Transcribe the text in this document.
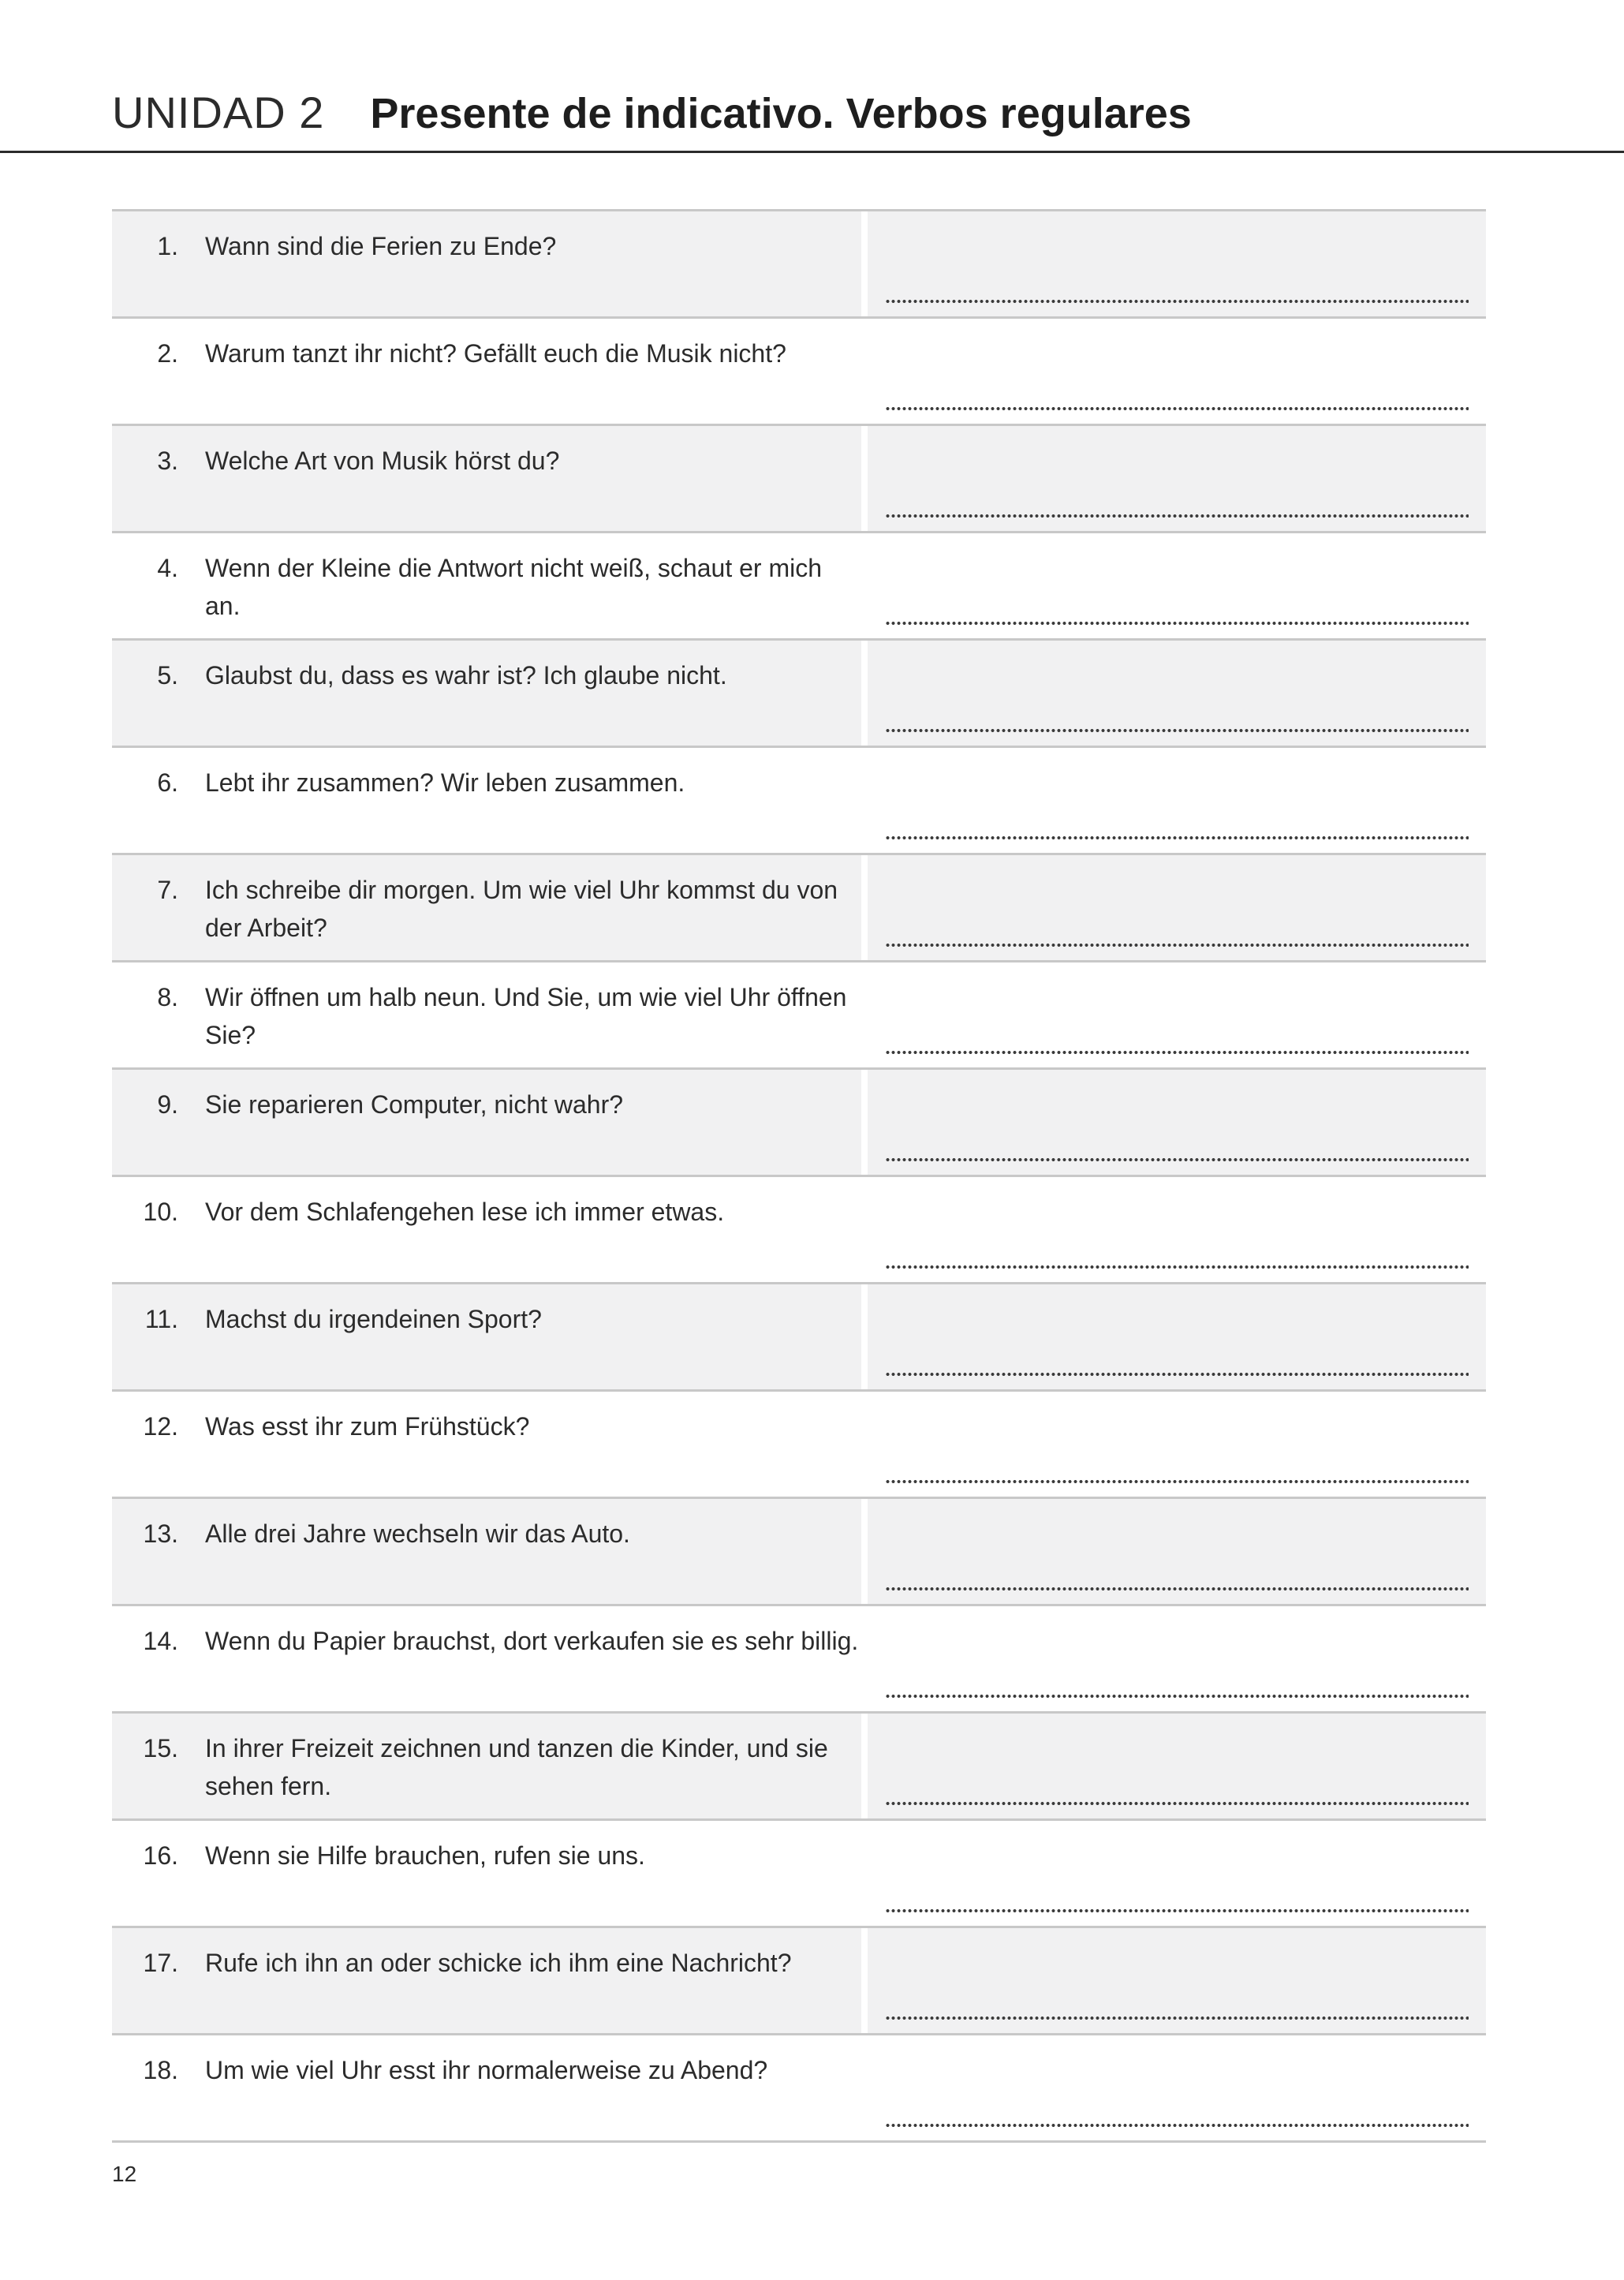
UNIDAD 2 Presente de indicativo. Verbos regulares
1. Wann sind die Ferien zu Ende?
2. Warum tanzt ihr nicht? Gefällt euch die Musik nicht?
3. Welche Art von Musik hörst du?
4. Wenn der Kleine die Antwort nicht weiß, schaut er mich an.
5. Glaubst du, dass es wahr ist? Ich glaube nicht.
6. Lebt ihr zusammen? Wir leben zusammen.
7. Ich schreibe dir morgen. Um wie viel Uhr kommst du von der Arbeit?
8. Wir öffnen um halb neun. Und Sie, um wie viel Uhr öffnen Sie?
9. Sie reparieren Computer, nicht wahr?
10. Vor dem Schlafengehen lese ich immer etwas.
11. Machst du irgendeinen Sport?
12. Was esst ihr zum Frühstück?
13. Alle drei Jahre wechseln wir das Auto.
14. Wenn du Papier brauchst, dort verkaufen sie es sehr billig.
15. In ihrer Freizeit zeichnen und tanzen die Kinder, und sie sehen fern.
16. Wenn sie Hilfe brauchen, rufen sie uns.
17. Rufe ich ihn an oder schicke ich ihm eine Nachricht?
18. Um wie viel Uhr esst ihr normalerweise zu Abend?
12
